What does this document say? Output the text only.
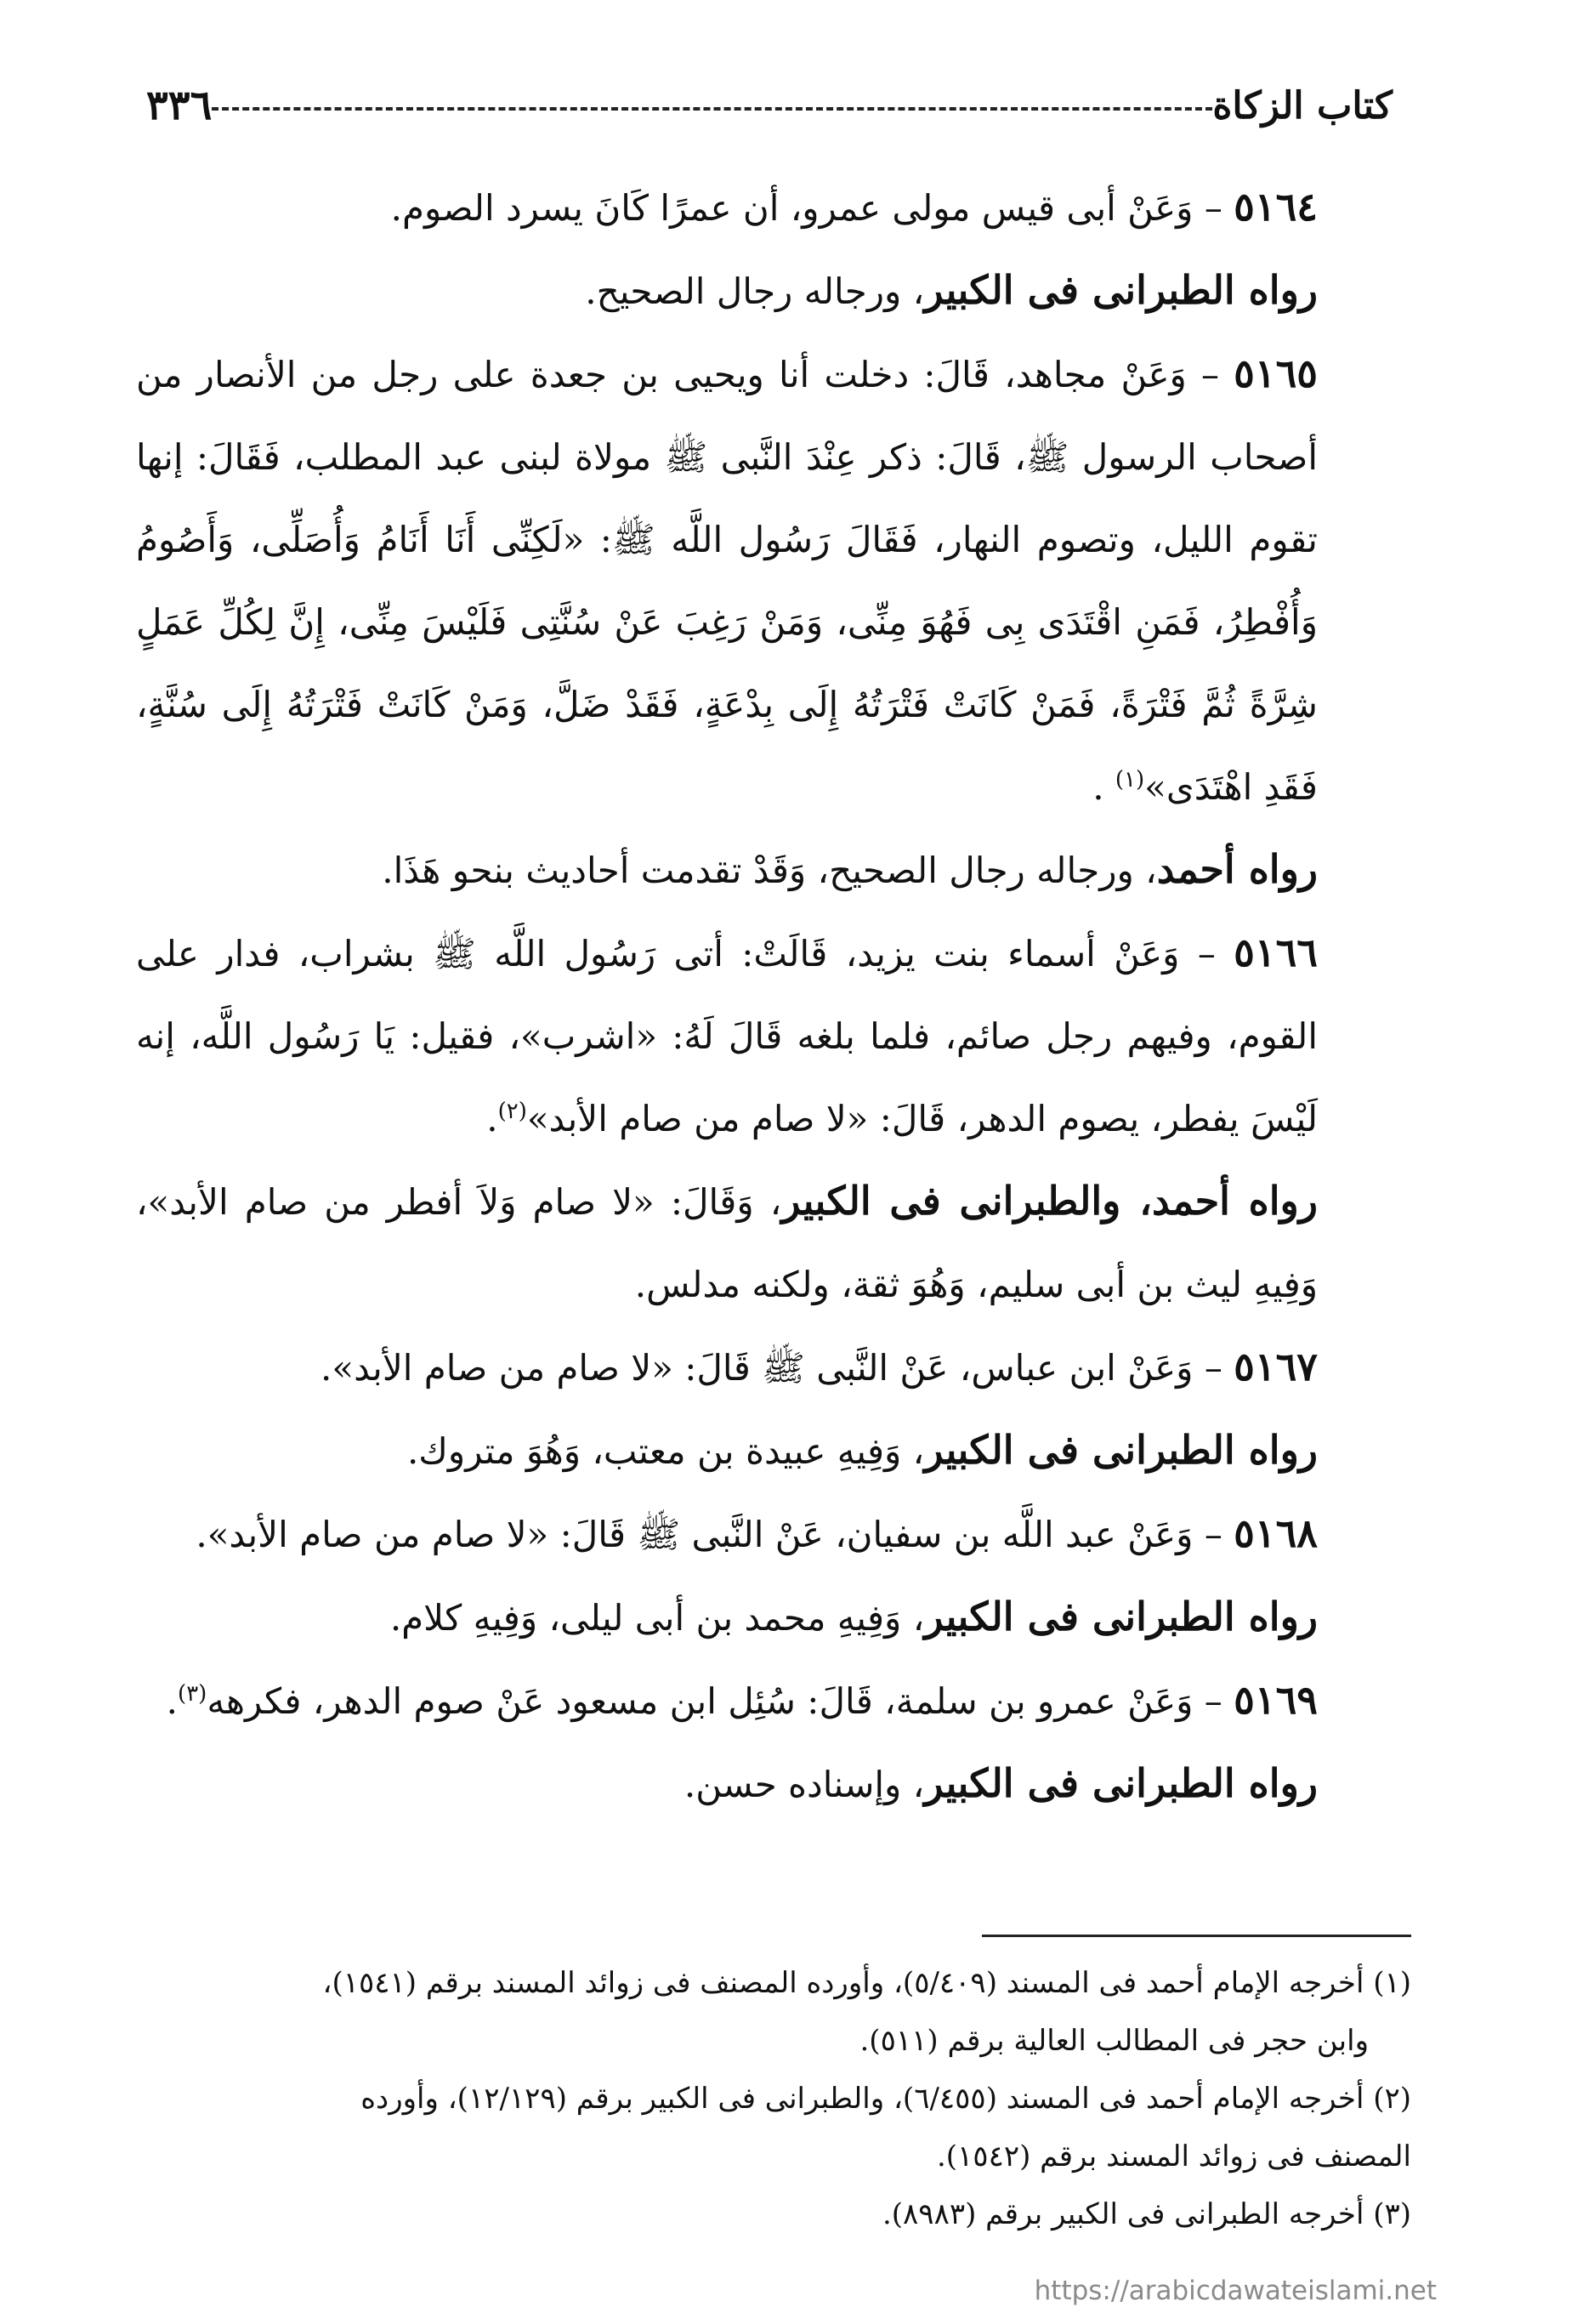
٣٣٦	كتاب الزكاة

٥١٦٤ – وَعَنْ أبى قيس مولى عمرو، أن عمرًا كَانَ يسرد الصوم.

رواه الطبرانى فى الكبير، ورجاله رجال الصحيح.

٥١٦٥ – وَعَنْ مجاهد، قَالَ: دخلت أنا ويحيى بن جعدة على رجل من الأنصار من أصحاب الرسول ﷺ، قَالَ: ذكر عِنْدَ النَّبى ﷺ مولاة لبنى عبد المطلب، فَقَالَ: إنها تقوم الليل، وتصوم النهار، فَقَالَ رَسُول اللَّه ﷺ: «لَكِنِّى أَنَا أَنَامُ وَأُصَلِّى، وَأَصُومُ وَأُفْطِرُ، فَمَنِ اقْتَدَى بِى فَهُوَ مِنِّى، وَمَنْ رَغِبَ عَنْ سُنَّتِى فَلَيْسَ مِنِّى، إِنَّ لِكُلِّ عَمَلٍ شِرَّةً ثُمَّ فَتْرَةً، فَمَنْ كَانَتْ فَتْرَتُهُ إِلَى بِدْعَةٍ، فَقَدْ ضَلَّ، وَمَنْ كَانَتْ فَتْرَتُهُ إِلَى سُنَّةٍ، فَقَدِ اهْتَدَى»$^{(١)}$ .

رواه أحمد، ورجاله رجال الصحيح، وَقَدْ تقدمت أحاديث بنحو هَذَا.

٥١٦٦ – وَعَنْ أسماء بنت يزيد، قَالَتْ: أتى رَسُول اللَّه ﷺ بشراب، فدار على القوم، وفيهم رجل صائم، فلما بلغه قَالَ لَهُ: «اشرب»، فقيل: يَا رَسُول اللَّه، إنه لَيْسَ يفطر، يصوم الدهر، قَالَ: «لا صام من صام الأبد»$^{(٢)}$.

رواه أحمد، والطبرانى فى الكبير، وَقَالَ: «لا صام وَلاَ أفطر من صام الأبد»، وَفِيهِ ليث بن أبى سليم، وَهُوَ ثقة، ولكنه مدلس.

٥١٦٧ – وَعَنْ ابن عباس، عَنْ النَّبى ﷺ قَالَ: «لا صام من صام الأبد».

رواه الطبرانى فى الكبير، وَفِيهِ عبيدة بن معتب، وَهُوَ متروك.

٥١٦٨ – وَعَنْ عبد اللَّه بن سفيان، عَنْ النَّبى ﷺ قَالَ: «لا صام من صام الأبد».

رواه الطبرانى فى الكبير، وَفِيهِ محمد بن أبى ليلى، وَفِيهِ كلام.

٥١٦٩ – وَعَنْ عمرو بن سلمة، قَالَ: سُئِل ابن مسعود عَنْ صوم الدهر، فكرهه$^{(٣)}$.

رواه الطبرانى فى الكبير، وإسناده حسن.

(١) أخرجه الإمام أحمد فى المسند (٥/٤٠٩)، وأورده المصنف فى زوائد المسند برقم (١٥٤١)،

وابن حجر فى المطالب العالية برقم (٥١١).

(٢) أخرجه الإمام أحمد فى المسند (٦/٤٥٥)، والطبرانى فى الكبير برقم (١٢/١٢٩)، وأورده

المصنف فى زوائد المسند برقم (١٥٤٢).

(٣) أخرجه الطبرانى فى الكبير برقم (٨٩٨٣).

https://arabicdawateislami.net
